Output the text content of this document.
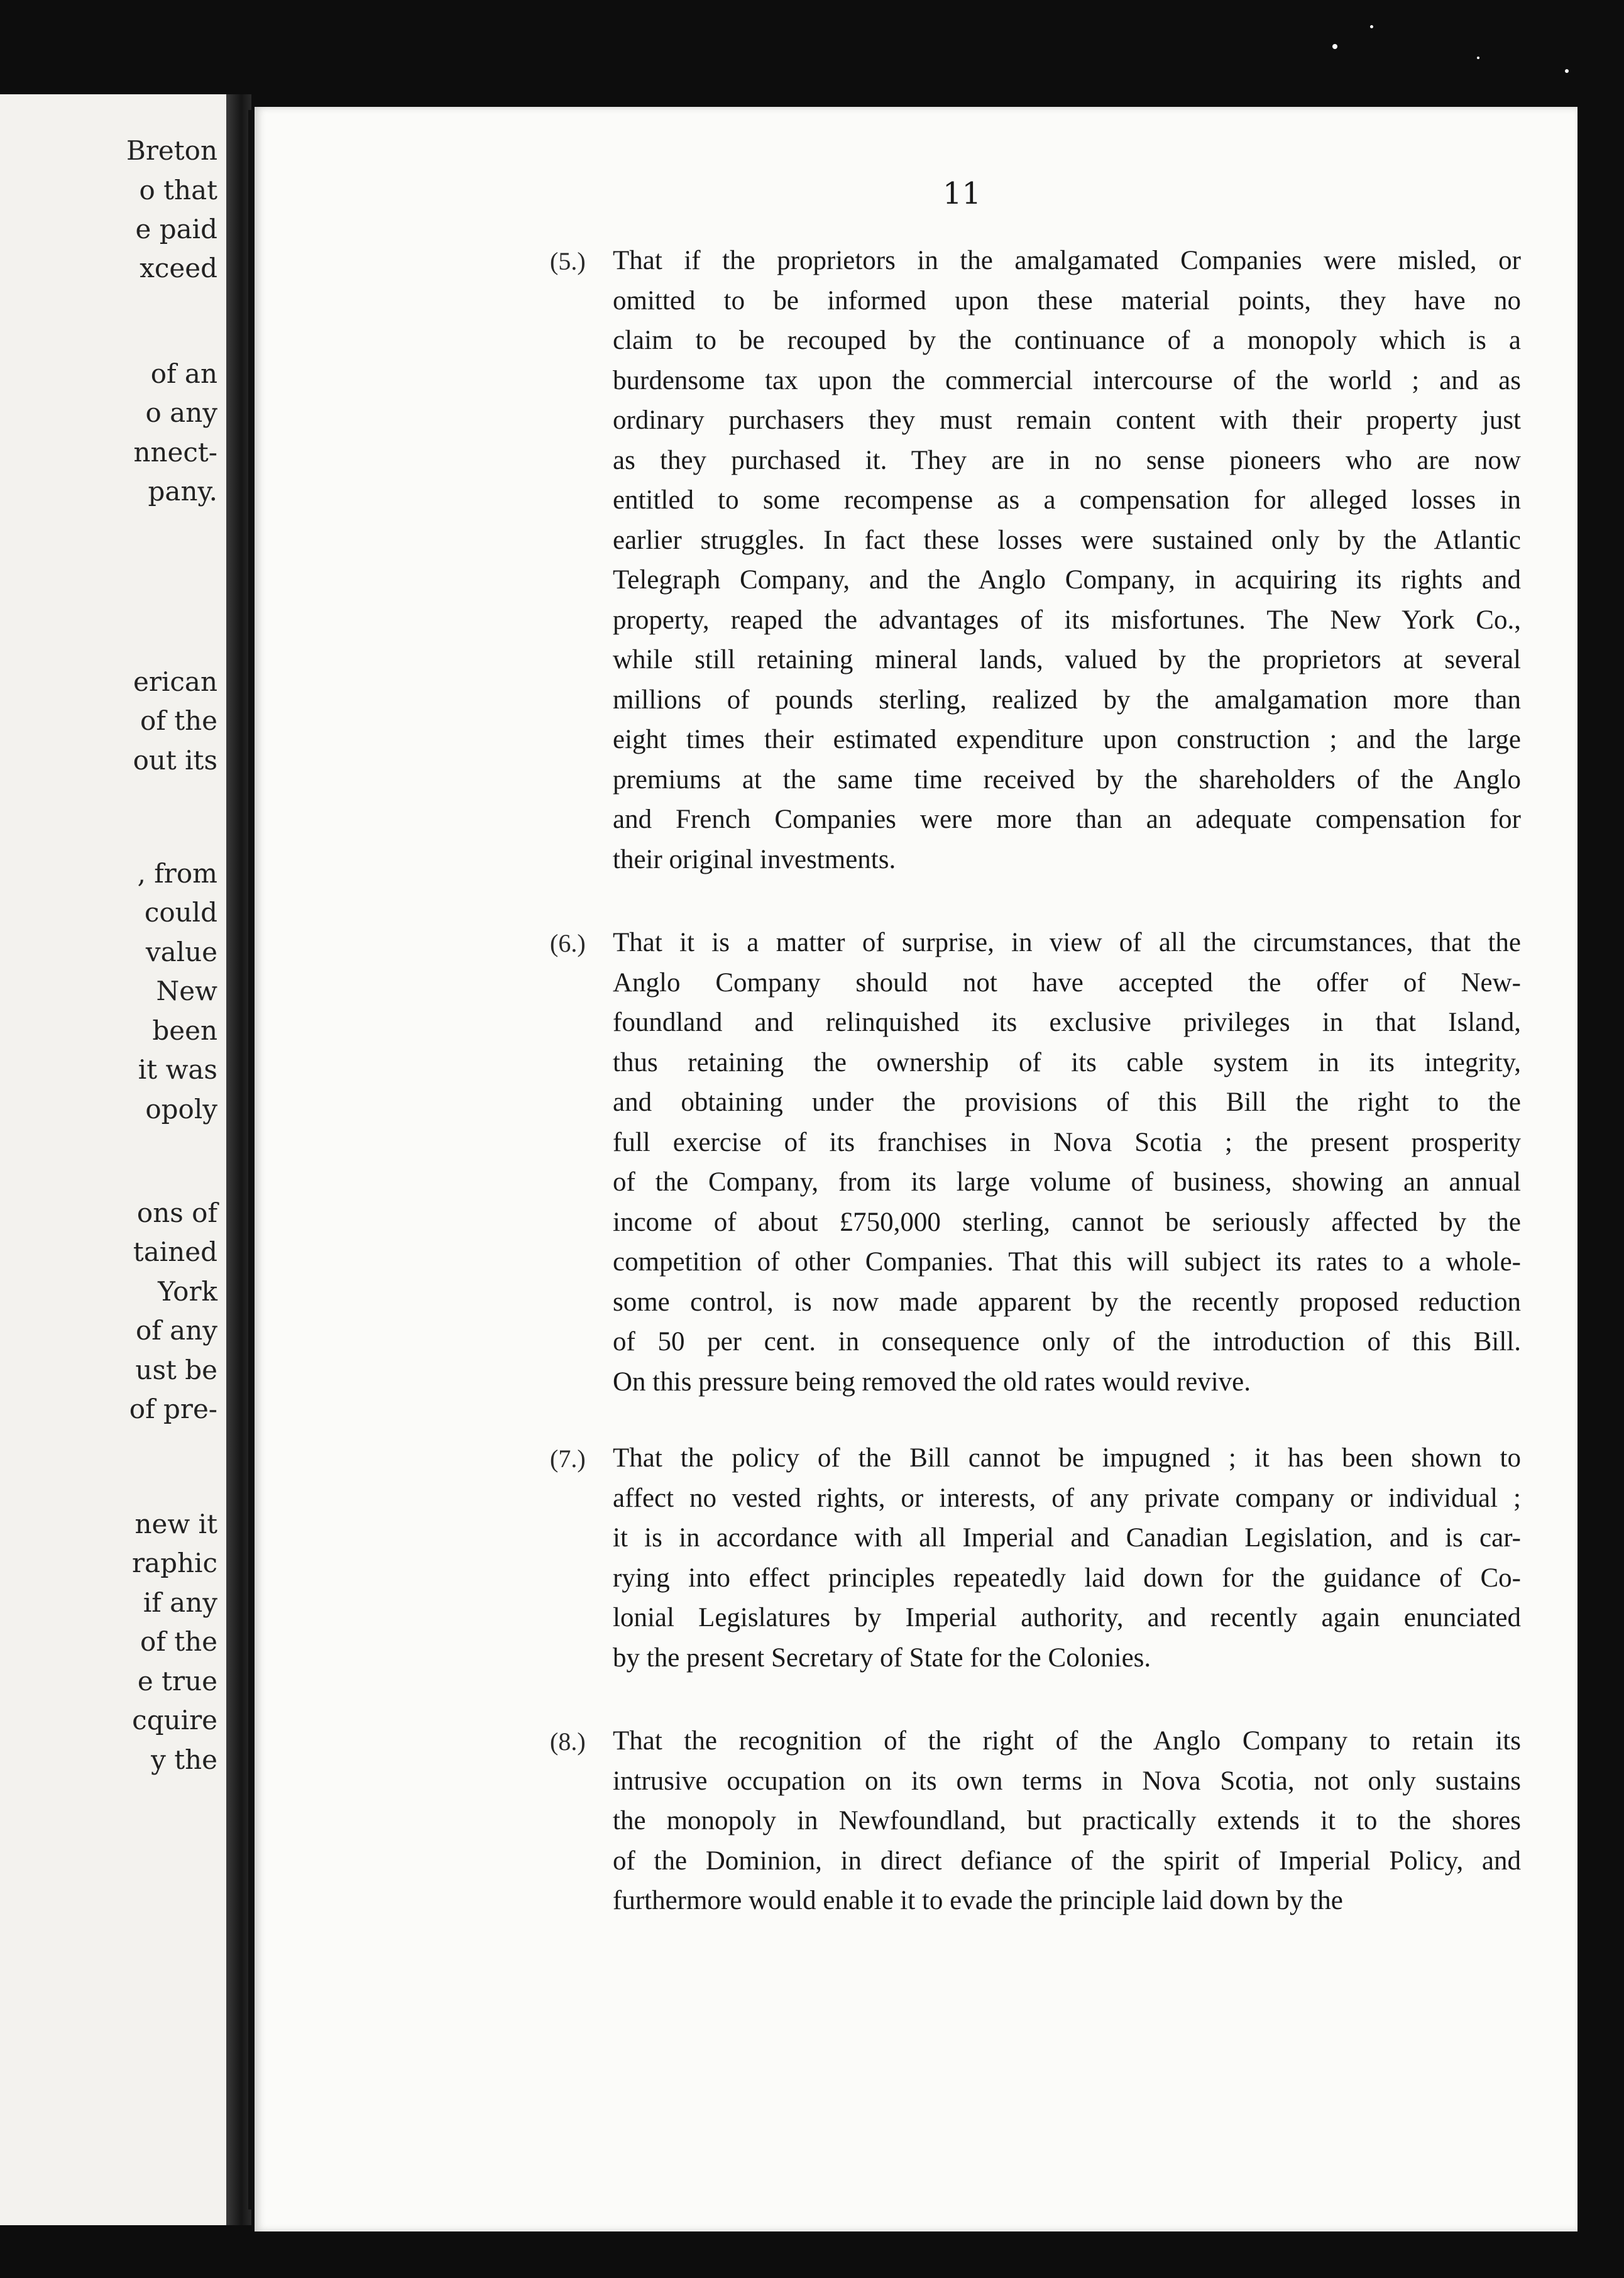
Breton
o that
e paid
xceed
of an
o any
nnect-
pany.
erican
of the
out its
, from
could
value
New
been
it was
opoly
ons of
tained
York
of any
ust be
of pre-
new it
raphic
if any
of the
e true
cquire
y the
11
(5.) That if the proprietors in the amalgamated Companies were misled, or
omitted to be informed upon these material points, they have no
claim to be recouped by the continuance of a monopoly which is a
burdensome tax upon the commercial intercourse of the world ; and as
ordinary purchasers they must remain content with their property just
as they purchased it. They are in no sense pioneers who are now
entitled to some recompense as a compensation for alleged losses in
earlier struggles. In fact these losses were sustained only by the Atlantic
Telegraph Company, and the Anglo Company, in acquiring its rights and
property, reaped the advantages of its misfortunes. The New York Co.,
while still retaining mineral lands, valued by the proprietors at several
millions of pounds sterling, realized by the amalgamation more than
eight times their estimated expenditure upon construction ; and the large
premiums at the same time received by the shareholders of the Anglo
and French Companies were more than an adequate compensation for
their original investments.
(6.) That it is a matter of surprise, in view of all the circumstances, that the
Anglo Company should not have accepted the offer of New-
foundland and relinquished its exclusive privileges in that Island,
thus retaining the ownership of its cable system in its integrity,
and obtaining under the provisions of this Bill the right to the
full exercise of its franchises in Nova Scotia ; the present prosperity
of the Company, from its large volume of business, showing an annual
income of about £750,000 sterling, cannot be seriously affected by the
competition of other Companies. That this will subject its rates to a whole-
some control, is now made apparent by the recently proposed reduction
of 50 per cent. in consequence only of the introduction of this Bill.
On this pressure being removed the old rates would revive.
(7.) That the policy of the Bill cannot be impugned ; it has been shown to
affect no vested rights, or interests, of any private company or individual ;
it is in accordance with all Imperial and Canadian Legislation, and is car-
rying into effect principles repeatedly laid down for the guidance of Co-
lonial Legislatures by Imperial authority, and recently again enunciated
by the present Secretary of State for the Colonies.
(8.) That the recognition of the right of the Anglo Company to retain its
intrusive occupation on its own terms in Nova Scotia, not only sustains
the monopoly in Newfoundland, but practically extends it to the shores
of the Dominion, in direct defiance of the spirit of Imperial Policy, and
furthermore would enable it to evade the principle laid down by the
